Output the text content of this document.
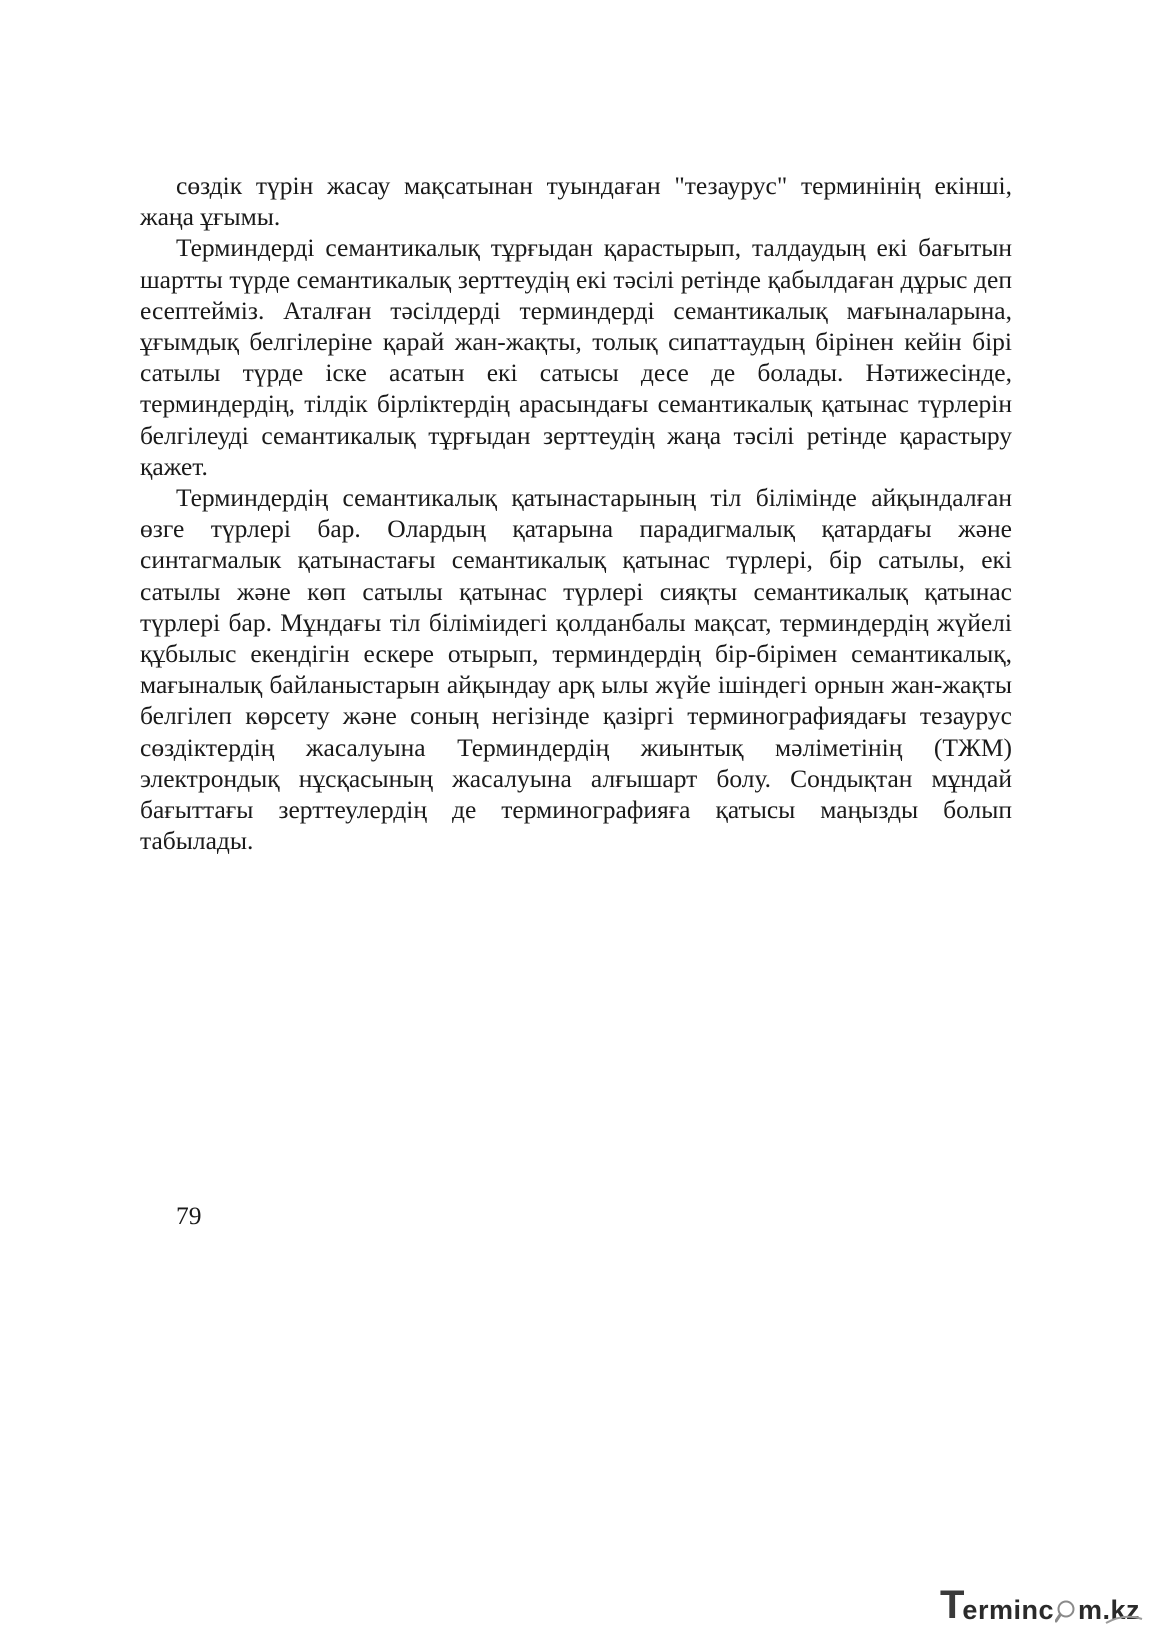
сөздік түрін жасау мақсатынан туындаған "тезаурус" терминінің екінші, жаңа ұғымы.

Терминдерді семантикалық тұрғыдан қарастырып, талдаудың екі бағытын шартты түрде семантикалық зерттеудің екі тәсілі ретінде қабылдаған дұрыс деп есептейміз. Аталған тәсілдерді терминдерді семантикалық мағыналарына, ұғымдық белгілеріне қарай жан-жақты, толық сипаттаудың бірінен кейін бірі сатылы түрде іске асатын екі сатысы десе де болады. Нәтижесінде, терминдердің, тілдік бірліктердің арасындағы семантикалық қатынас түрлерін белгілеуді семантикалық тұрғыдан зерттеудің жаңа тәсілі ретінде қарастыру қажет.

Терминдердің семантикалық қатынастарының тіл білімінде айқындалған өзге түрлері бар. Олардың қатарына парадигмалық қатардағы және синтагмалык қатынастағы семантикалық қатынас түрлері, бір сатылы, екі сатылы және көп сатылы қатынас түрлері сияқты семантикалық қатынас түрлері бар. Мұндағы тіл біліміидегі қолданбалы мақсат, терминдердің жүйелі құбылыс екендігін ескере отырып, терминдердің бір-бірімен семантикалық, мағыналық байланыстарын айқындау арқ ылы жүйе ішіндегі орнын жан-жақты белгілеп көрсету және соның негізінде қазіргі терминографиядағы тезаурус сөздіктердің жасалуына Терминдердің жиынтық мәліметінің (ТЖМ) электрондық нұсқасының жасалуына алғышарт болу. Сондықтан мұндай бағыттағы зерттеулердің де терминографияға қатысы маңызды болып табылады.

79
T erminc m.kz
